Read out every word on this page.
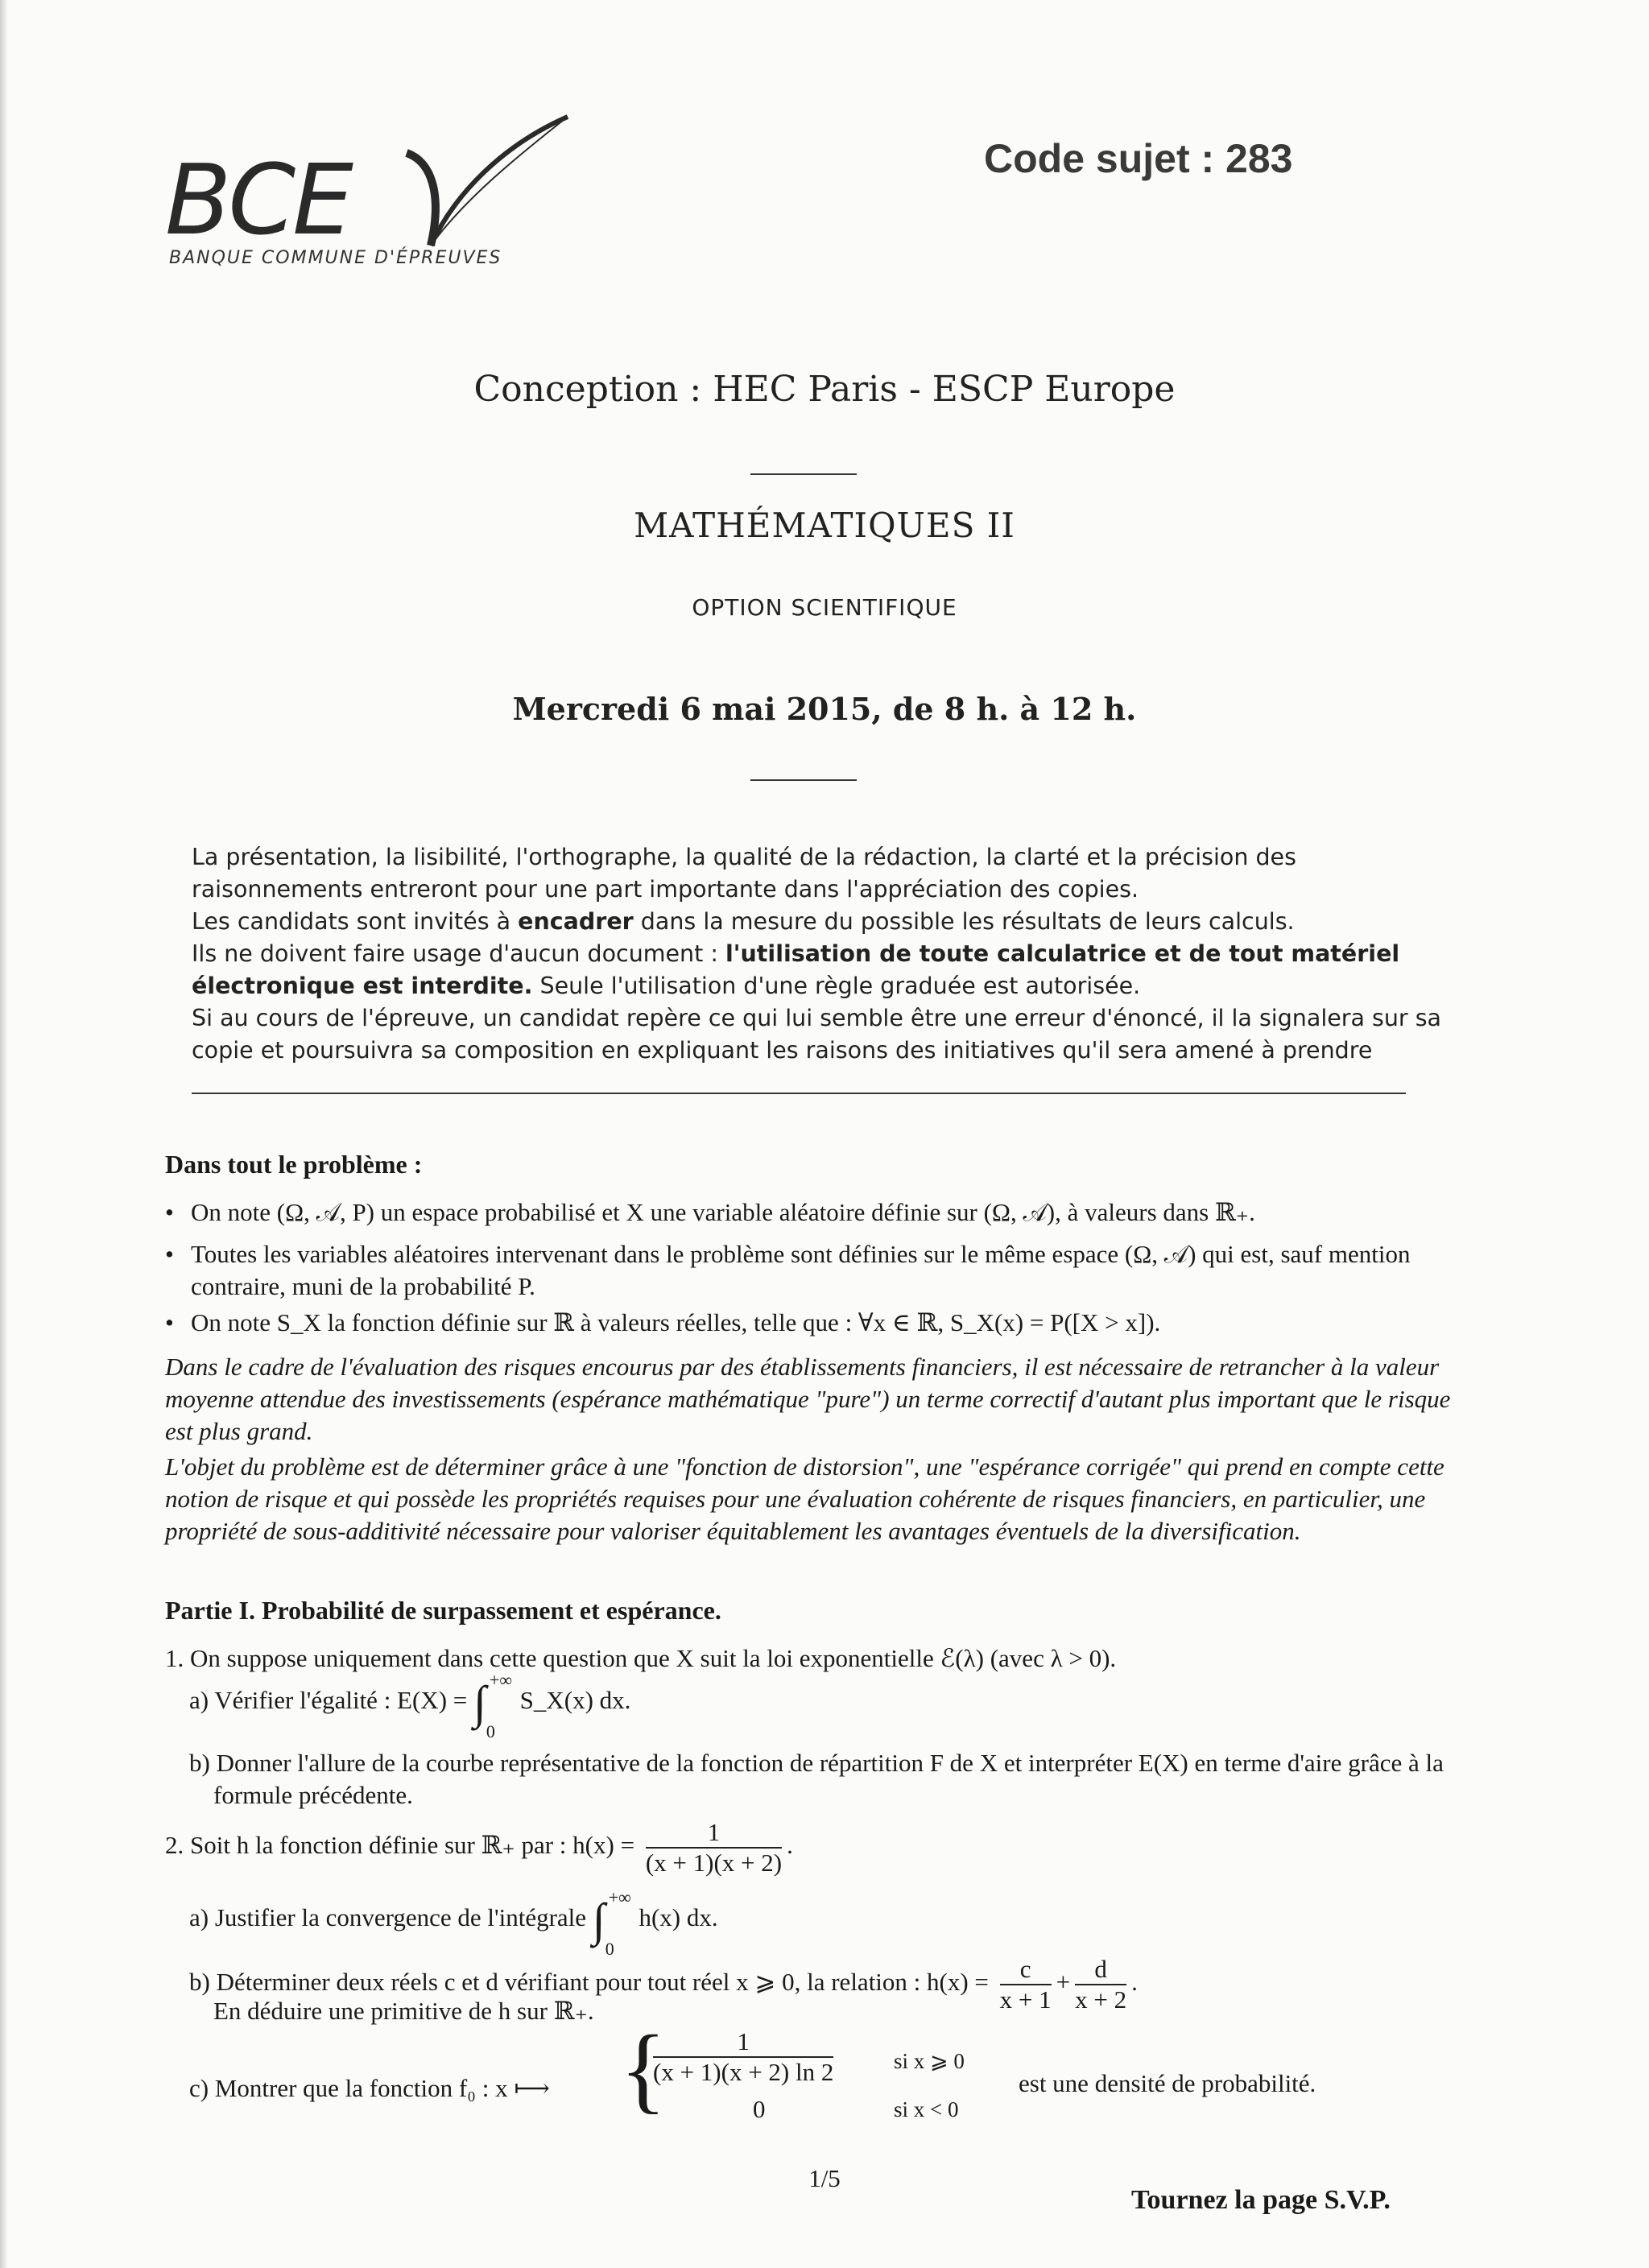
BCE
BANQUE COMMUNE D'ÉPREUVES
Code sujet : 283
Conception : HEC Paris - ESCP Europe
MATHÉMATIQUES II
OPTION SCIENTIFIQUE
Mercredi 6 mai 2015, de 8 h. à 12 h.

La présentation, la lisibilité, l'orthographe, la qualité de la rédaction, la clarté et la précision des raisonnements entreront pour une part importante dans l'appréciation des copies.

Les candidats sont invités à encadrer dans la mesure du possible les résultats de leurs calculs.

Ils ne doivent faire usage d'aucun document : l'utilisation de toute calculatrice et de tout matériel électronique est interdite. Seule l'utilisation d'une règle graduée est autorisée.

Si au cours de l'épreuve, un candidat repère ce qui lui semble être une erreur d'énoncé, il la signalera sur sa copie et poursuivra sa composition en expliquant les raisons des initiatives qu'il sera amené à prendre

Dans tout le problème :
• On note (Ω, 𝒜, P) un espace probabilisé et X une variable aléatoire définie sur (Ω, 𝒜), à valeurs dans ℝ₊.
• Toutes les variables aléatoires intervenant dans le problème sont définies sur le même espace (Ω, 𝒜) qui est, sauf mention contraire, muni de la probabilité P.
• On note S_X la fonction définie sur ℝ à valeurs réelles, telle que : ∀x ∈ ℝ, S_X(x) = P([X > x]).
Dans le cadre de l'évaluation des risques encourus par des établissements financiers, il est nécessaire de retrancher à la valeur moyenne attendue des investissements (espérance mathématique "pure") un terme correctif d'autant plus important que le risque est plus grand.
L'objet du problème est de déterminer grâce à une "fonction de distorsion", une "espérance corrigée" qui prend en compte cette notion de risque et qui possède les propriétés requises pour une évaluation cohérente de risques financiers, en particulier, une propriété de sous-additivité nécessaire pour valoriser équitablement les avantages éventuels de la diversification.
Partie I. Probabilité de surpassement et espérance.
1. On suppose uniquement dans cette question que X suit la loi exponentielle ℰ(λ) (avec λ > 0).
a) Vérifier l'égalité : E(X) = ∫ +∞
0
S_X(x) dx.
b) Donner l'allure de la courbe représentative de la fonction de répartition F de X et interpréter E(X) en terme d'aire grâce à la formule précédente.
2. Soit h la fonction définie sur ℝ₊ par : $h(x) = \frac{1}{(x + 1)(x + 2)}$ .
a) Justifier la convergence de l'intégrale ∫ +∞
0
h(x) dx.
b) Déterminer deux réels c et d vérifiant pour tout réel x ⩾ 0, la relation : $h(x) = \frac{c}{x + 1} + \frac{d}{x + 2}$ .
En déduire une primitive de h sur ℝ₊.
c) Montrer que la fonction f₀ : x ⟼ {
$\frac{1}{(x + 1)(x + 2) \ln 2}$
0
si x ⩾ 0
si x < 0
est une densité de probabilité.
1/5
Tournez la page S.V.P.
